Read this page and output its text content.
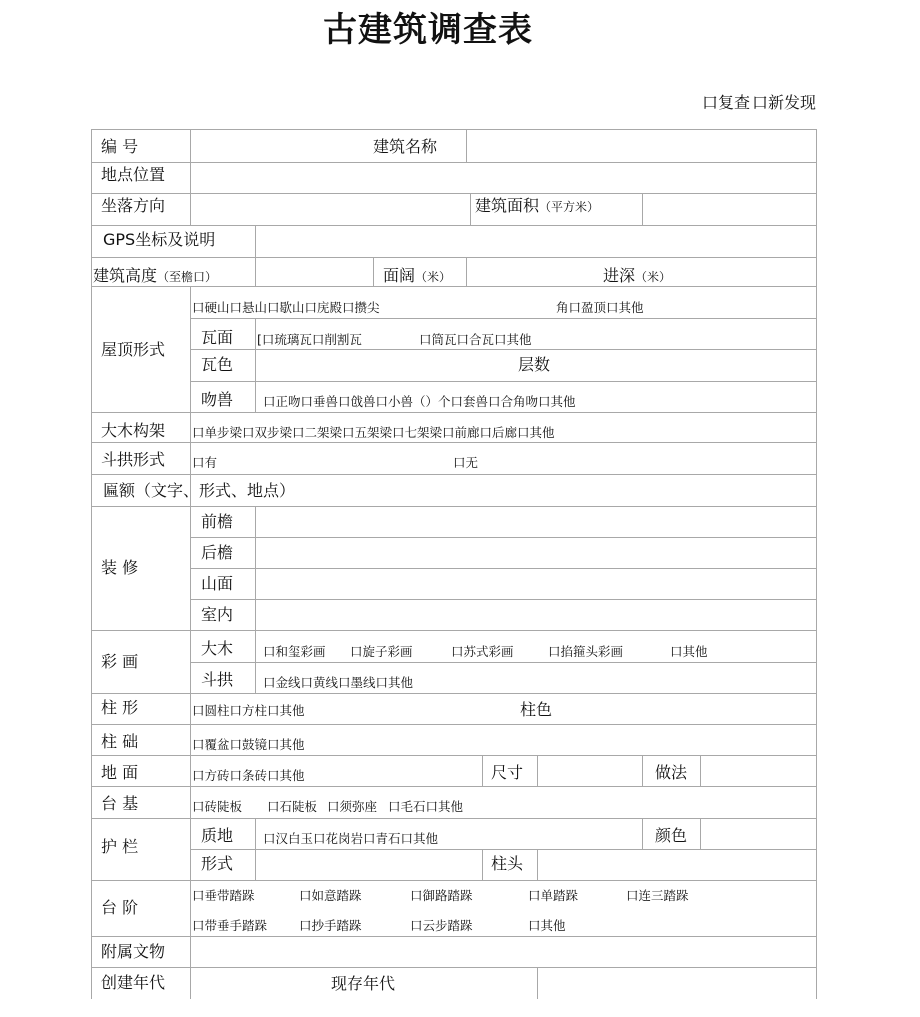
古建筑调查表
口复查 口新发现
编 号	建筑名称
地点位置
坐落方向	建筑面积（平方米）
GPS坐标及说明
建筑高度（至檐口）	面阔（米）	进深（米）
屋顶形式
口硬山口悬山口歇山口庑殿口攒尖	角口盈顶口其他
瓦面 [口琉璃瓦口削割瓦	口筒瓦口合瓦口其他
瓦色	层数
吻兽 口正吻口垂兽口戗兽口小兽（）个口套兽口合角吻口其他
大木构架 口单步梁口双步梁口二架梁口五架梁口七架梁口前廊口后廊口其他
斗拱形式 口有	口无
匾额（文字、形式、地点）
装 修
前檐
后檐
山面
室内
彩 画
大木 口和玺彩画 口旋子彩画	口苏式彩画	口掐箍头彩画	口其他
斗拱 口金线口黄线口墨线口其他
柱 形	口圆柱口方柱口其他	柱色
柱 础	口覆盆口鼓镜口其他
地 面	口方砖口条砖口其他	尺寸	做法
台 基	口砖陡板 口石陡板 口须弥座 口毛石口其他
护 栏
质地 口汉白玉口花岗岩口青石口其他	颜色
形式	柱头
台 阶
口垂带踏跺	口如意踏跺	口御路踏跺	口单踏跺	口连三踏跺
口带垂手踏跺	口抄手踏跺	口云步踏跺	口其他
附属文物
创建年代	现存年代
